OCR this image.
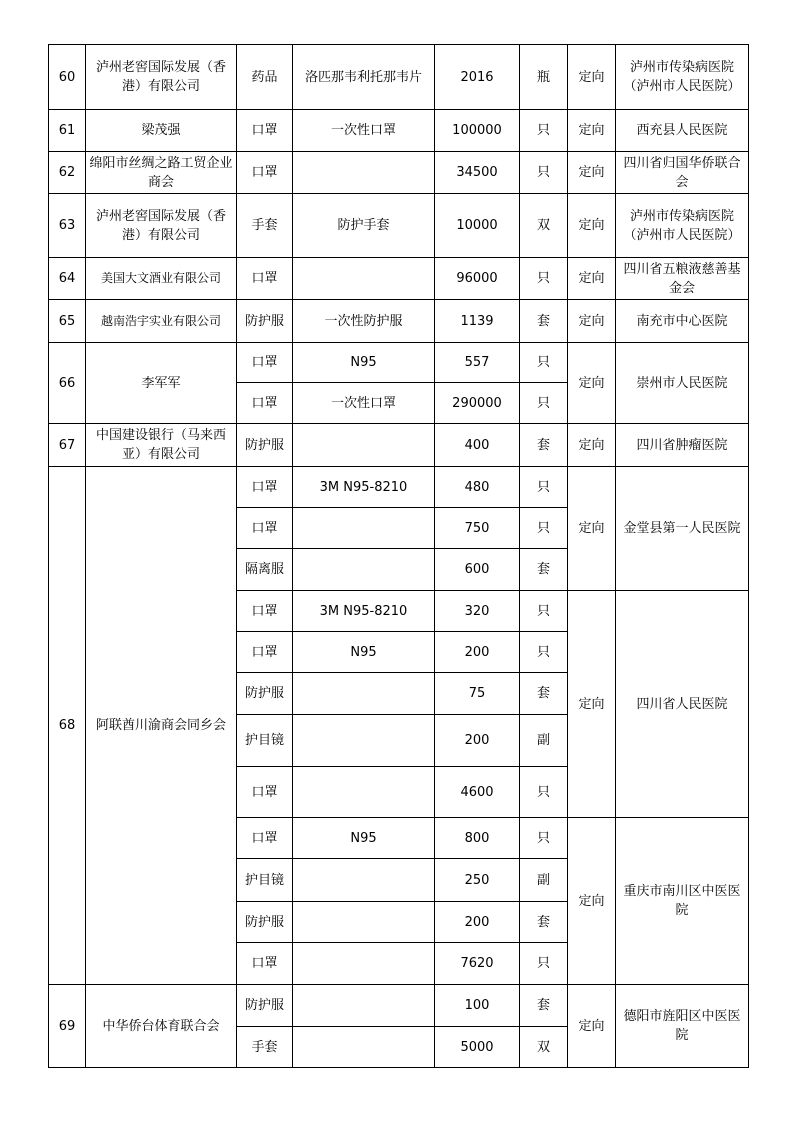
60	泸州老窖国际发展（香港）有限公司	药品	洛匹那韦利托那韦片	2016	瓶	定向	泸州市传染病医院（泸州市人民医院）
61	梁茂强	口罩	一次性口罩	100000	只	定向	西充县人民医院
62	绵阳市丝绸之路工贸企业商会	口罩		34500	只	定向	四川省归国华侨联合会
63	泸州老窖国际发展（香港）有限公司	手套	防护手套	10000	双	定向	泸州市传染病医院（泸州市人民医院）
64	美国大文酒业有限公司	口罩		96000	只	定向	四川省五粮液慈善基金会
65	越南浩宇实业有限公司	防护服	一次性防护服	1139	套	定向	南充市中心医院
66	李军军	口罩	N95	557	只	定向	崇州市人民医院
		口罩	一次性口罩	290000	只		
67	中国建设银行（马来西亚）有限公司	防护服		400	套	定向	四川省肿瘤医院
68	阿联酋川渝商会同乡会	口罩	3M N95-8210	480	只	定向	金堂县第一人民医院
		口罩		750	只		
		隔离服		600	套		
		口罩	3M N95-8210	320	只	定向	四川省人民医院
		口罩	N95	200	只		
		防护服		75	套		
		护目镜		200	副		
		口罩		4600	只		
		口罩	N95	800	只	定向	重庆市南川区中医医院
		护目镜		250	副		
		防护服		200	套		
		口罩		7620	只		
69	中华侨台体育联合会	防护服		100	套	定向	德阳市旌阳区中医医院
		手套		5000	双		
